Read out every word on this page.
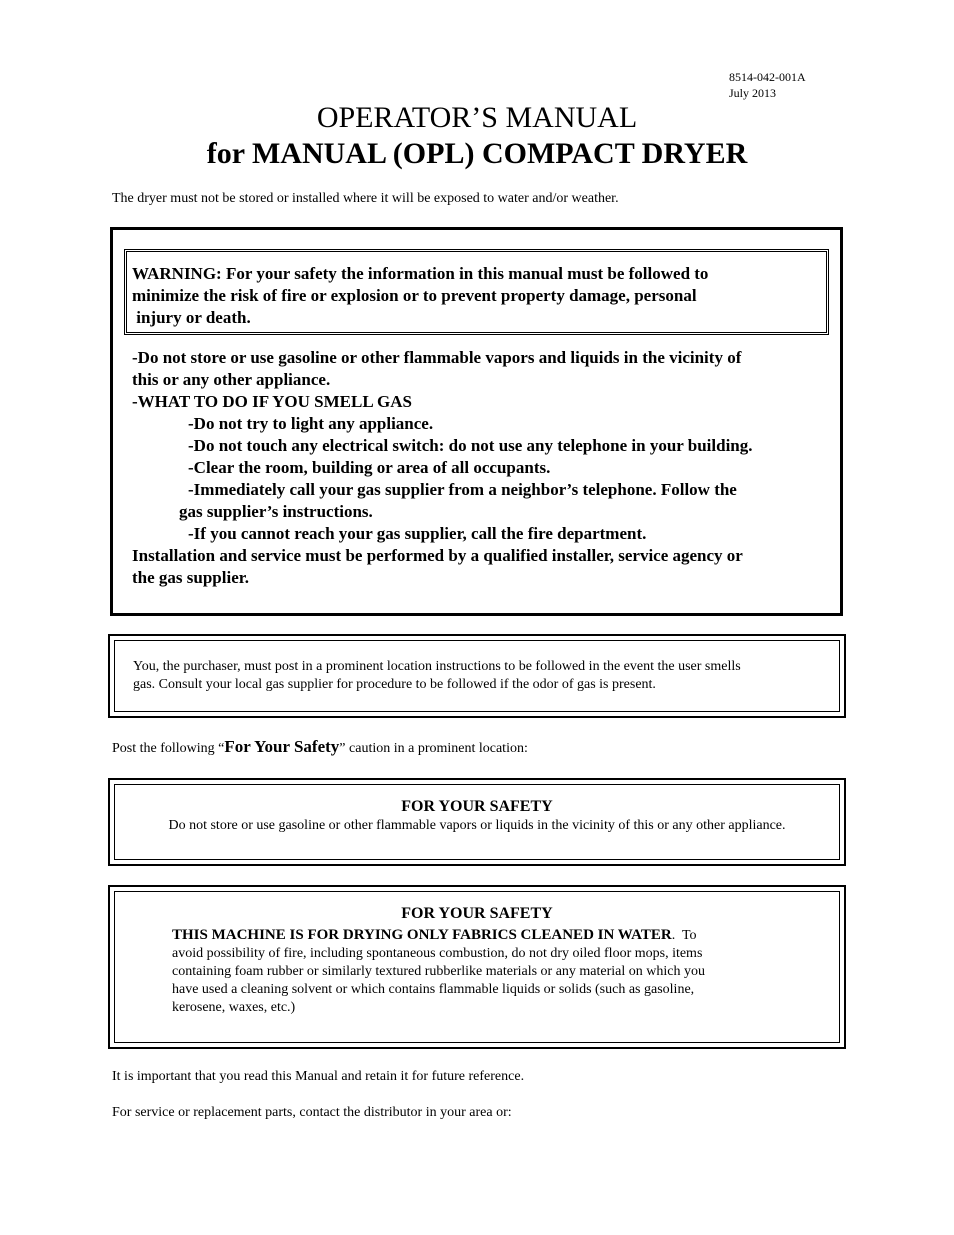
8514-042-001A
July 2013
OPERATOR’S MANUAL
for MANUAL (OPL) COMPACT DRYER
The dryer must not be stored or installed where it will be exposed to water and/or weather.
WARNING: For your safety the information in this manual must be followed to
minimize the risk of fire or explosion or to prevent property damage, personal
injury or death.
-Do not store or use gasoline or other flammable vapors and liquids in the vicinity of
this or any other appliance.
-WHAT TO DO IF YOU SMELL GAS
-Do not try to light any appliance.
-Do not touch any electrical switch: do not use any telephone in your building.
-Clear the room, building or area of all occupants.
-Immediately call your gas supplier from a neighbor’s telephone. Follow the
gas supplier’s instructions.
-If you cannot reach your gas supplier, call the fire department.
Installation and service must be performed by a qualified installer, service agency or
the gas supplier.
You, the purchaser, must post in a prominent location instructions to be followed in the event the user smells
gas. Consult your local gas supplier for procedure to be followed if the odor of gas is present.
Post the following “For Your Safety” caution in a prominent location:
FOR YOUR SAFETY
Do not store or use gasoline or other flammable vapors or liquids in the vicinity of this or any other appliance.
FOR YOUR SAFETY
THIS MACHINE IS FOR DRYING ONLY FABRICS CLEANED IN WATER.  To
avoid possibility of fire, including spontaneous combustion, do not dry oiled floor mops, items
containing foam rubber or similarly textured rubberlike materials or any material on which you
have used a cleaning solvent or which contains flammable liquids or solids (such as gasoline,
kerosene, waxes, etc.)
It is important that you read this Manual and retain it for future reference.
For service or replacement parts, contact the distributor in your area or:
